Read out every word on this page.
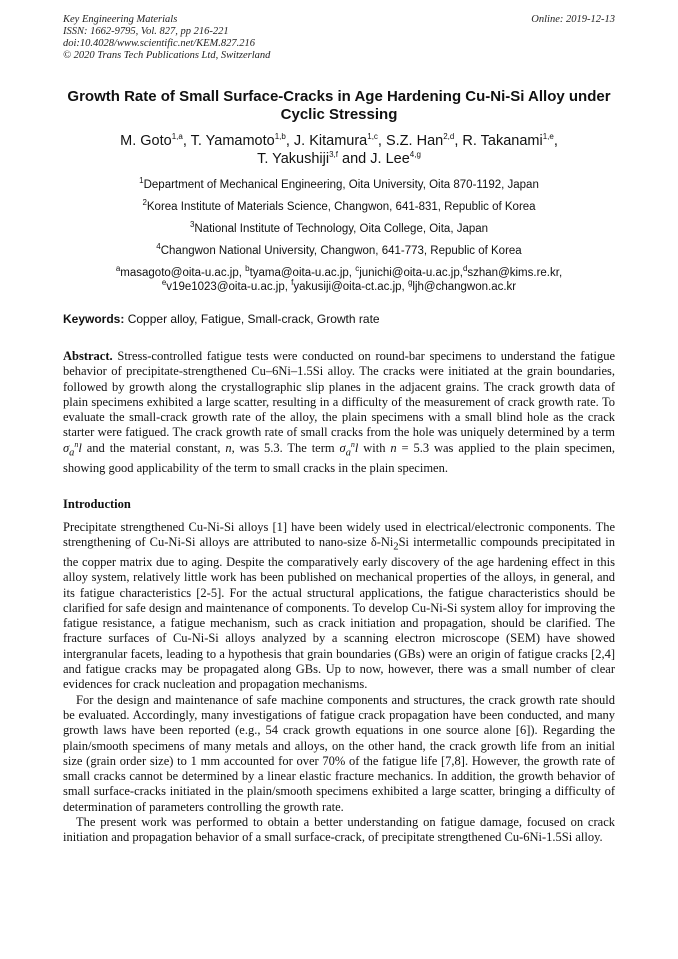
Key Engineering Materials	Online: 2019-12-13
ISSN: 1662-9795, Vol. 827, pp 216-221
doi:10.4028/www.scientific.net/KEM.827.216
© 2020 Trans Tech Publications Ltd, Switzerland
Growth Rate of Small Surface-Cracks in Age Hardening Cu-Ni-Si Alloy under Cyclic Stressing
M. Goto$^{1,a}$, T. Yamamoto$^{1,b}$, J. Kitamura$^{1,c}$, S.Z. Han$^{2,d}$, R. Takanami$^{1,e}$,
T. Yakushiji$^{3,f}$ and J. Lee$^{4,g}$
$^1$Department of Mechanical Engineering, Oita University, Oita 870-1192, Japan
$^2$Korea Institute of Materials Science, Changwon, 641-831, Republic of Korea
$^3$National Institute of Technology, Oita College, Oita, Japan
$^4$Changwon National University, Changwon, 641-773, Republic of Korea
$^a$masagoto@oita-u.ac.jp, $^b$tyama@oita-u.ac.jp, $^c$junichi@oita-u.ac.jp,$^d$szhan@kims.re.kr,
$^e$v19e1023@oita-u.ac.jp, $^f$yakusiji@oita-ct.ac.jp, $^g$ljh@changwon.ac.kr
Keywords: Copper alloy, Fatigue, Small-crack, Growth rate
Abstract. Stress-controlled fatigue tests were conducted on round-bar specimens to understand the fatigue behavior of precipitate-strengthened Cu–6Ni–1.5Si alloy. The cracks were initiated at the grain boundaries, followed by growth along the crystallographic slip planes in the adjacent grains. The crack growth data of plain specimens exhibited a large scatter, resulting in a difficulty of the measurement of crack growth rate. To evaluate the small-crack growth rate of the alloy, the plain specimens with a small blind hole as the crack starter were fatigued. The crack growth rate of small cracks from the hole was uniquely determined by a term $\sigma_a^nl$ and the material constant, n, was 5.3. The term $\sigma_a^nl$ with n = 5.3 was applied to the plain specimen, showing good applicability of the term to small cracks in the plain specimen.
Introduction
Precipitate strengthened Cu-Ni-Si alloys [1] have been widely used in electrical/electronic components. The strengthening of Cu-Ni-Si alloys are attributed to nano-size $\delta-Ni_2Si$ intermetallic compounds precipitated in the copper matrix due to aging. Despite the comparatively early discovery of the age hardening effect in this alloy system, relatively little work has been published on mechanical properties of the alloys, in general, and its fatigue characteristics [2-5]. For the actual structural applications, the fatigue characteristics should be clarified for safe design and maintenance of components. To develop Cu-Ni-Si system alloy for improving the fatigue resistance, a fatigue mechanism, such as crack initiation and propagation, should be clarified. The fracture surfaces of Cu-Ni-Si alloys analyzed by a scanning electron microscope (SEM) have showed intergranular facets, leading to a hypothesis that grain boundaries (GBs) were an origin of fatigue cracks [2,4] and fatigue cracks may be propagated along GBs. Up to now, however, there was a small number of clear evidences for crack nucleation and propagation mechanisms.
For the design and maintenance of safe machine components and structures, the crack growth rate should be evaluated. Accordingly, many investigations of fatigue crack propagation have been conducted, and many growth laws have been reported (e.g., 54 crack growth equations in one source alone [6]). Regarding the plain/smooth specimens of many metals and alloys, on the other hand, the crack growth life from an initial size (grain order size) to 1 mm accounted for over 70% of the fatigue life [7,8]. However, the growth rate of small cracks cannot be determined by a linear elastic fracture mechanics. In addition, the growth behavior of small surface-cracks initiated in the plain/smooth specimens exhibited a large scatter, bringing a difficulty of determination of parameters controlling the growth rate.
The present work was performed to obtain a better understanding on fatigue damage, focused on crack initiation and propagation behavior of a small surface-crack, of precipitate strengthened Cu-6Ni-1.5Si alloy.
